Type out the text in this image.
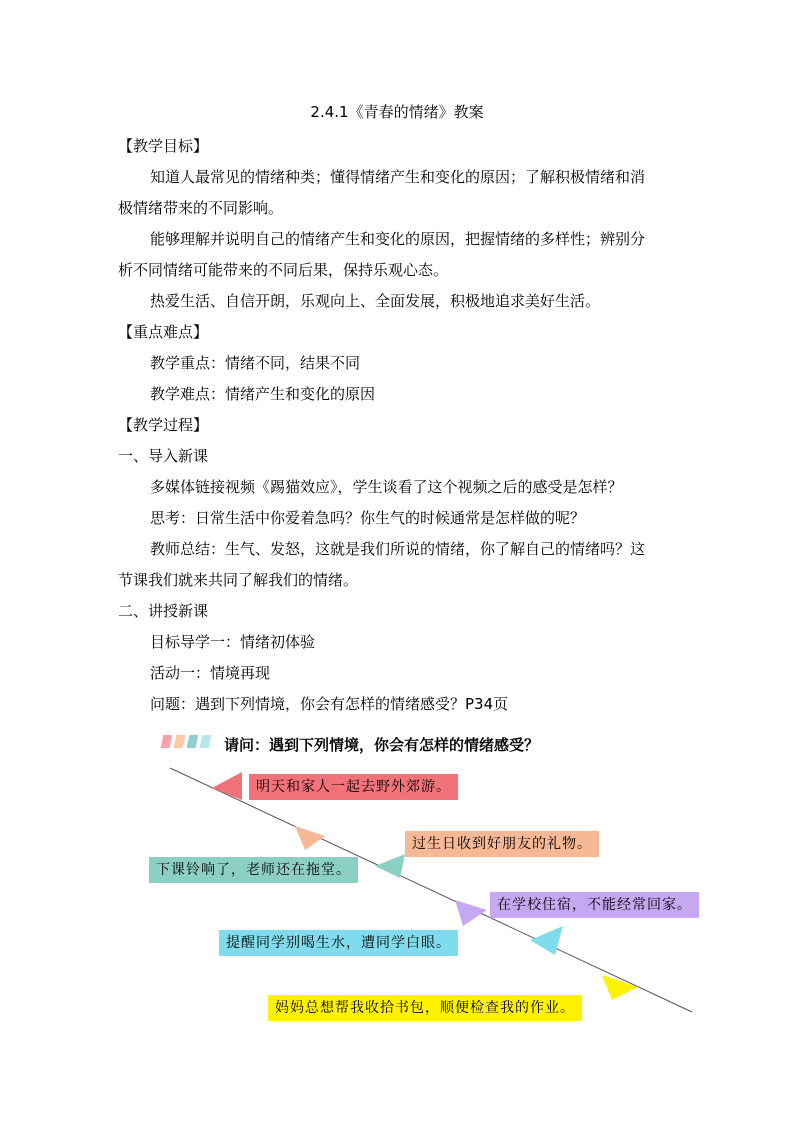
2.4.1《青春的情绪》教案
【教学目标】
知道人最常见的情绪种类；懂得情绪产生和变化的原因；了解积极情绪和消
极情绪带来的不同影响。
能够理解并说明自己的情绪产生和变化的原因，把握情绪的多样性；辨别分
析不同情绪可能带来的不同后果，保持乐观心态。
热爱生活、自信开朗，乐观向上、全面发展，积极地追求美好生活。
【重点难点】
教学重点：情绪不同，结果不同
教学难点：情绪产生和变化的原因
【教学过程】
一、导入新课
多媒体链接视频《踢猫效应》，学生谈看了这个视频之后的感受是怎样？
思考：日常生活中你爱着急吗？你生气的时候通常是怎样做的呢？
教师总结：生气、发怒，这就是我们所说的情绪，你了解自己的情绪吗？这
节课我们就来共同了解我们的情绪。
二、讲授新课
目标导学一：情绪初体验
活动一：情境再现
问题：遇到下列情境，你会有怎样的情绪感受？P34页
请问：遇到下列情境，你会有怎样的情绪感受？
明天和家人一起去野外郊游。
过生日收到好朋友的礼物。
下课铃响了，老师还在拖堂。
在学校住宿，不能经常回家。
提醒同学别喝生水，遭同学白眼。
妈妈总想帮我收拾书包，顺便检查我的作业。
